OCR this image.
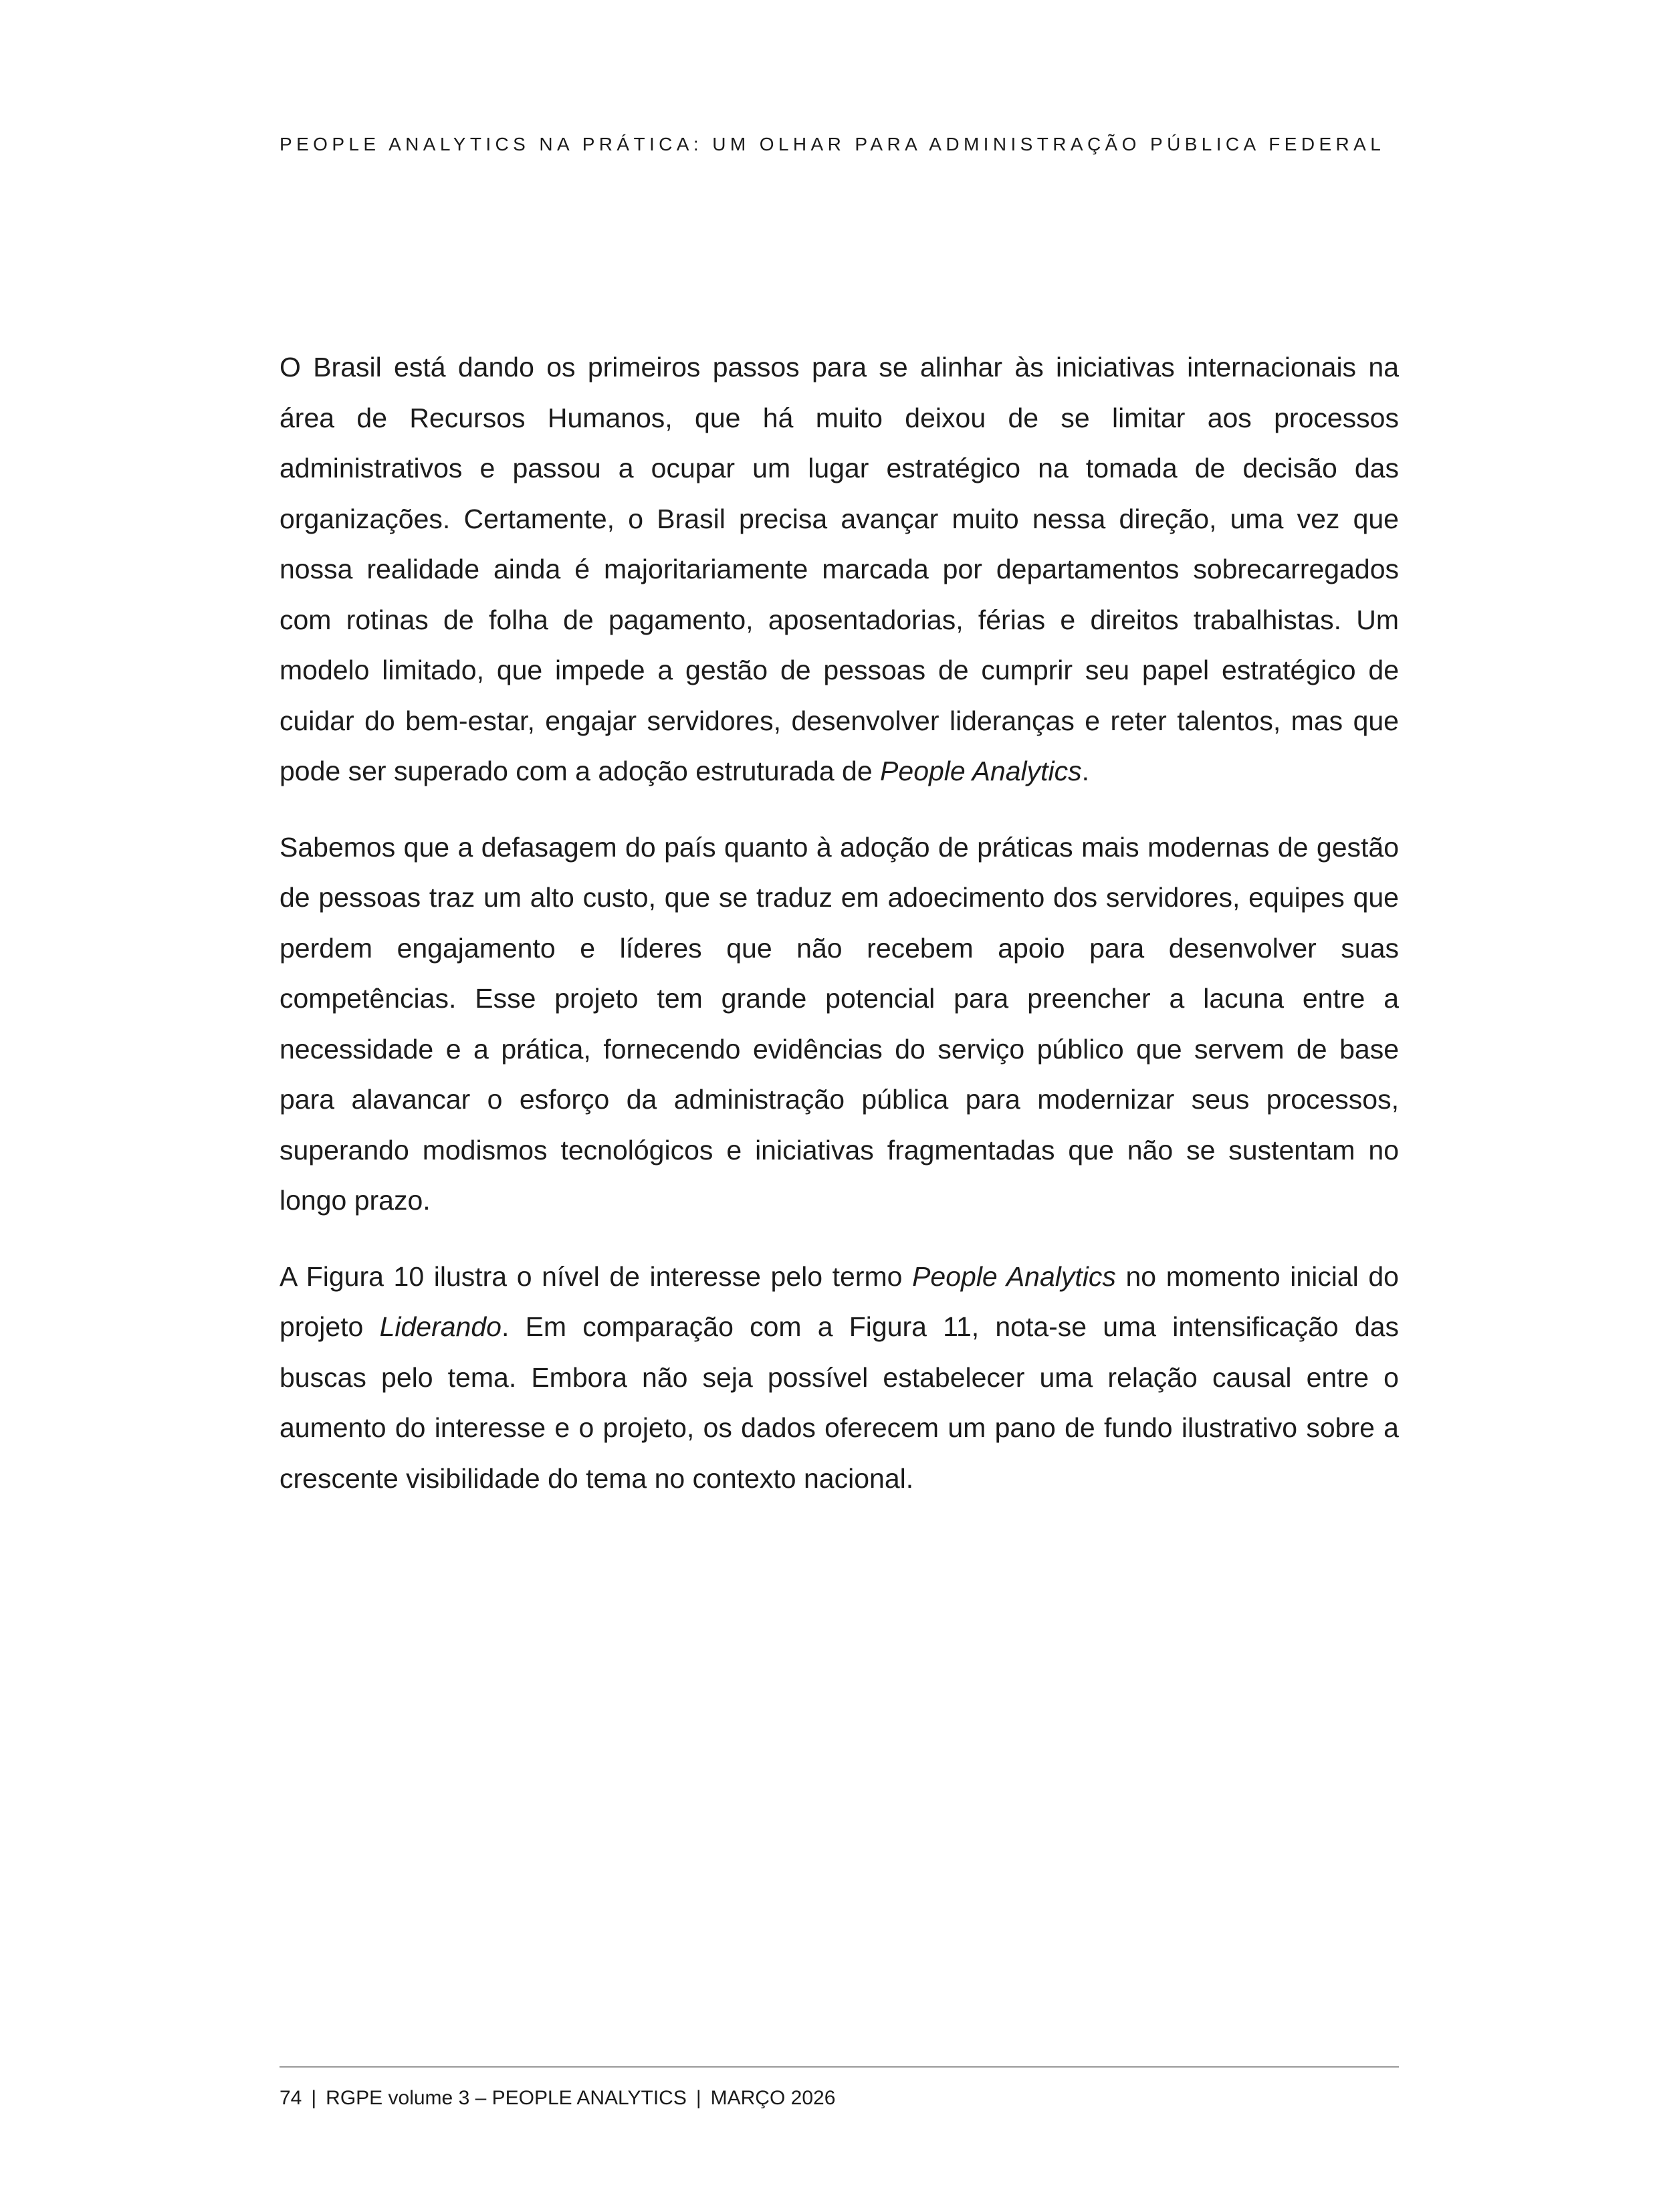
PEOPLE ANALYTICS NA PRÁTICA: UM OLHAR PARA ADMINISTRAÇÃO PÚBLICA FEDERAL

O Brasil está dando os primeiros passos para se alinhar às iniciativas internacionais na área de Recursos Humanos, que há muito deixou de se limitar aos processos administrativos e passou a ocupar um lugar estratégico na tomada de decisão das organizações. Certamente, o Brasil precisa avançar muito nessa direção, uma vez que nossa realidade ainda é majoritariamente marcada por departamentos sobrecarregados com rotinas de folha de pagamento, aposentadorias, férias e direitos trabalhistas. Um modelo limitado, que impede a gestão de pessoas de cumprir seu papel estratégico de cuidar do bem-estar, engajar servidores, desenvolver lideranças e reter talentos, mas que pode ser superado com a adoção estruturada de People Analytics.

Sabemos que a defasagem do país quanto à adoção de práticas mais modernas de gestão de pessoas traz um alto custo, que se traduz em adoecimento dos servidores, equipes que perdem engajamento e líderes que não recebem apoio para desenvolver suas competências. Esse projeto tem grande potencial para preencher a lacuna entre a necessidade e a prática, fornecendo evidências do serviço público que servem de base para alavancar o esforço da administração pública para modernizar seus processos, superando modismos tecnológicos e iniciativas fragmentadas que não se sustentam no longo prazo.

A Figura 10 ilustra o nível de interesse pelo termo People Analytics no momento inicial do projeto Liderando. Em comparação com a Figura 11, nota-se uma intensificação das buscas pelo tema. Embora não seja possível estabelecer uma relação causal entre o aumento do interesse e o projeto, os dados oferecem um pano de fundo ilustrativo sobre a crescente visibilidade do tema no contexto nacional.

74 | RGPE volume 3 – PEOPLE ANALYTICS | MARÇO 2026
